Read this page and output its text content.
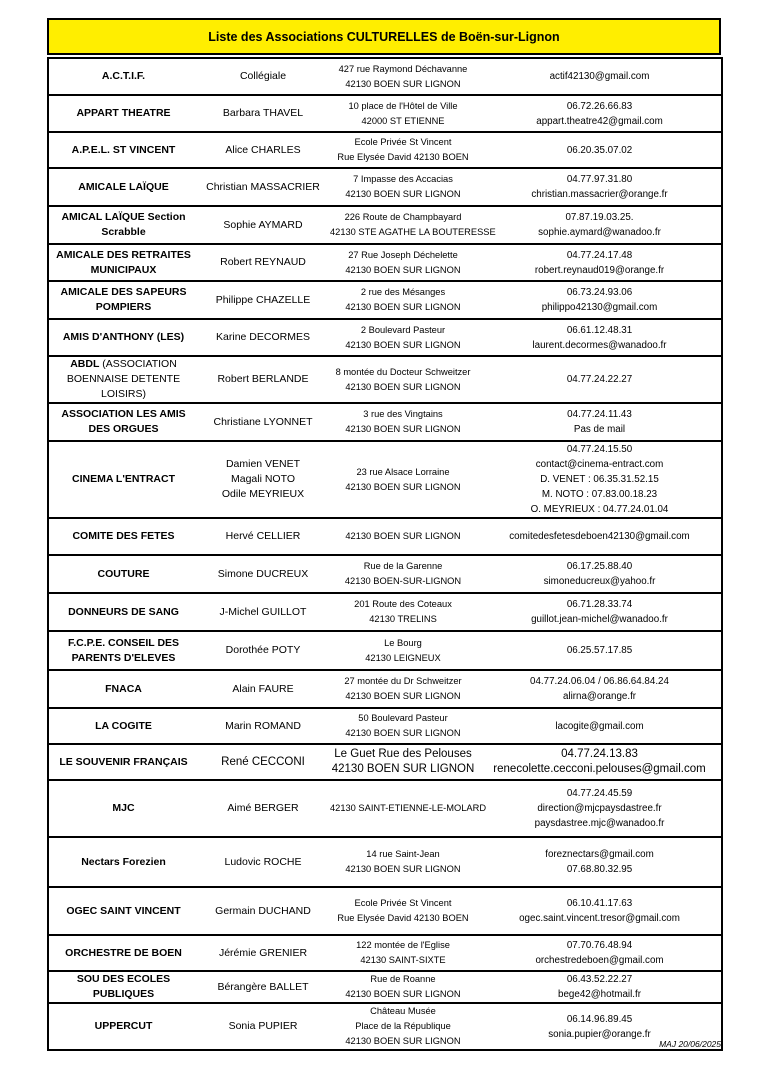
Liste des Associations CULTURELLES de Boën-sur-Lignon
A.C.T.I.F.	Collégiale	427 rue Raymond Déchavanne
42130 BOEN SUR LIGNON	actif42130@gmail.com

APPART THEATRE	Barbara THAVEL	10 place de l'Hôtel de Ville
42000 ST ETIENNE	06.72.26.66.83
appart.theatre42@gmail.com

A.P.E.L. ST VINCENT	Alice CHARLES	Ecole Privée St Vincent
Rue Elysée David 42130 BOEN	06.20.35.07.02

AMICALE LAÏQUE	Christian MASSACRIER	7 Impasse des Accacias
42130 BOEN SUR LIGNON	04.77.97.31.80
christian.massacrier@orange.fr

AMICAL LAÏQUE Section Scrabble	Sophie AYMARD	226 Route de Champbayard
42130 STE AGATHE LA BOUTERESSE	07.87.19.03.25.
sophie.aymard@wanadoo.fr

AMICALE DES RETRAITES MUNICIPAUX	Robert REYNAUD	27 Rue Joseph Déchelette
42130 BOEN SUR LIGNON	04.77.24.17.48
robert.reynaud019@orange.fr

AMICALE DES SAPEURS POMPIERS	Philippe CHAZELLE	2 rue des Mésanges
42130 BOEN SUR LIGNON	06.73.24.93.06
philippo42130@gmail.com

AMIS D'ANTHONY (LES)	Karine DECORMES	2 Boulevard Pasteur
42130 BOEN SUR LIGNON	06.61.12.48.31
laurent.decormes@wanadoo.fr

ABDL (ASSOCIATION BOENNAISE DETENTE LOISIRS)	Robert BERLANDE	8 montée du Docteur Schweitzer
42130 BOEN SUR LIGNON	04.77.24.22.27

ASSOCIATION LES AMIS DES ORGUES	Christiane LYONNET	3 rue des Vingtains
42130 BOEN SUR LIGNON	04.77.24.11.43
Pas de mail

CINEMA L'ENTRACT	Damien VENET
Magali NOTO
Odile MEYRIEUX	23 rue Alsace Lorraine
42130 BOEN SUR LIGNON	04.77.24.15.50
contact@cinema-entract.com
D. VENET : 06.35.31.52.15
M. NOTO : 07.83.00.18.23
O. MEYRIEUX : 04.77.24.01.04

COMITE DES FETES	Hervé CELLIER	42130 BOEN SUR LIGNON	comitedesfetesdeboen42130@gmail.com

COUTURE	Simone DUCREUX	Rue de la Garenne
42130 BOEN-SUR-LIGNON	06.17.25.88.40
simoneducreux@yahoo.fr

DONNEURS DE SANG	J-Michel GUILLOT	201 Route des Coteaux
42130 TRELINS	06.71.28.33.74
guillot.jean-michel@wanadoo.fr

F.C.P.E. CONSEIL DES PARENTS D'ELEVES	Dorothée POTY	Le Bourg
42130 LEIGNEUX	06.25.57.17.85

FNACA	Alain FAURE	27 montée du Dr Schweitzer
42130 BOEN SUR LIGNON	04.77.24.06.04 / 06.86.64.84.24
alirna@orange.fr

LA COGITE	Marin ROMAND	50 Boulevard Pasteur
42130 BOEN SUR LIGNON	lacogite@gmail.com

LE SOUVENIR FRANÇAIS	René CECCONI	Le Guet Rue des Pelouses
42130 BOEN SUR LIGNON	04.77.24.13.83
renecolette.cecconi.pelouses@gmail.com

MJC	Aimé BERGER	42130 SAINT-ETIENNE-LE-MOLARD	04.77.24.45.59
direction@mjcpaysdastree.fr
paysdastree.mjc@wanadoo.fr

Nectars Forezien	Ludovic ROCHE	14 rue Saint-Jean
42130 BOEN SUR LIGNON	foreznectars@gmail.com
07.68.80.32.95

OGEC SAINT VINCENT	Germain DUCHAND	Ecole Privée St Vincent
Rue Elysée David 42130 BOEN	06.10.41.17.63
ogec.saint.vincent.tresor@gmail.com

ORCHESTRE DE BOEN	Jérémie GRENIER	122 montée de l'Eglise
42130 SAINT-SIXTE	07.70.76.48.94
orchestredeboen@gmail.com

SOU DES ECOLES PUBLIQUES	Bérangère BALLET	Rue de Roanne
42130 BOEN SUR LIGNON	06.43.52.22.27
bege42@hotmail.fr

UPPERCUT	Sonia PUPIER	Château Musée
Place de la République
42130 BOEN SUR LIGNON	06.14.96.89.45
sonia.pupier@orange.fr
MAJ 20/06/2025
